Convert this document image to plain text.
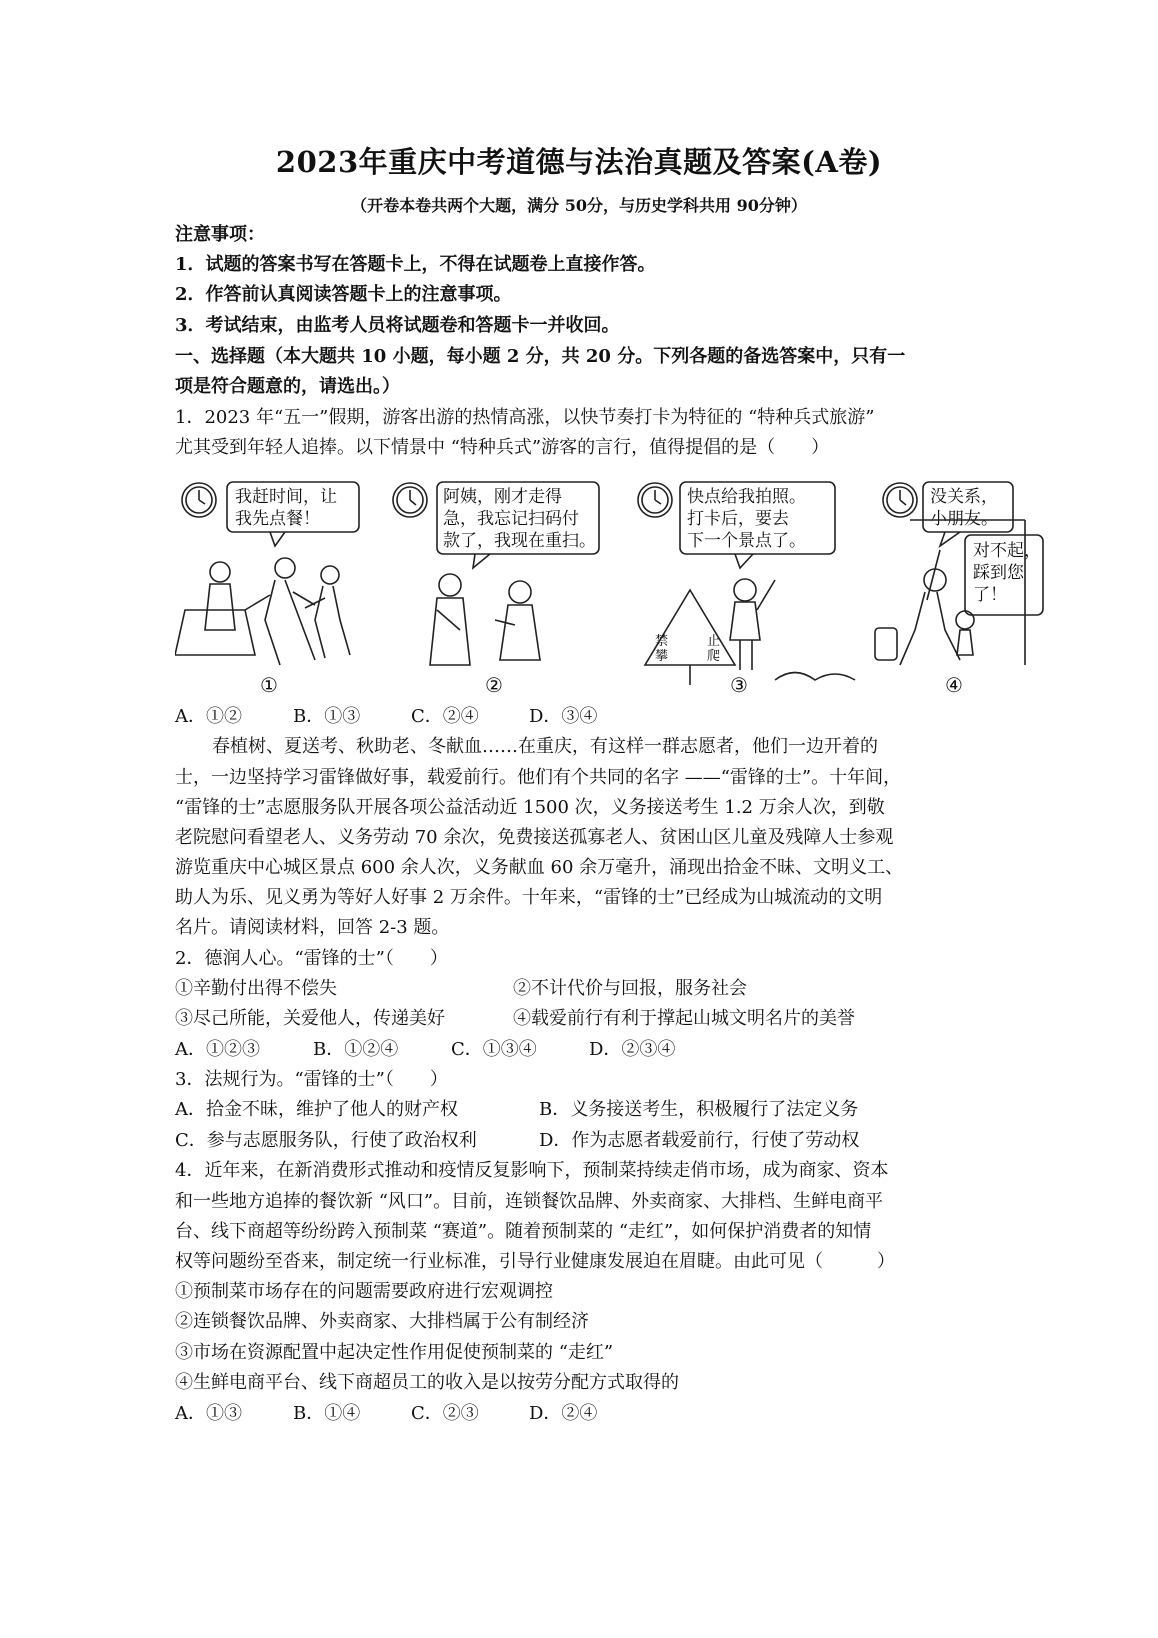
2023年重庆中考道德与法治真题及答案(A卷)
（开卷本卷共两个大题，满分 50分，与历史学科共用 90分钟）
注意事项：
1．试题的答案书写在答题卡上，不得在试题卷上直接作答。
2．作答前认真阅读答题卡上的注意事项。
3．考试结束，由监考人员将试题卷和答题卡一并收回。
一、选择题（本大题共 10 小题，每小题 2 分，共 20 分。下列各题的备选答案中，只有一
项是符合题意的，请选出。）
1．2023 年“五一”假期，游客出游的热情高涨，以快节奏打卡为特征的 “特种兵式旅游”
尤其受到年轻人追捧。以下情景中 “特种兵式”游客的言行，值得提倡的是（　　）
我赶时间，让
我先点餐！
①
阿姨，刚才走得
急，我忘记扫码付
款了，我现在重扫。
②
快点给我拍照。
打卡后，要去
下一个景点了。
禁	止
攀	爬
③
没关系，
小朋友。
对不起，
踩到您
了！
④
A．①②	B．①③	C．②④	D．③④
春植树、夏送考、秋助老、冬献血……在重庆，有这样一群志愿者，他们一边开着的
士，一边坚持学习雷锋做好事，载爱前行。他们有个共同的名字 ——“雷锋的士”。十年间，
“雷锋的士”志愿服务队开展各项公益活动近 1500 次，义务接送考生 1.2 万余人次，到敬
老院慰问看望老人、义务劳动 70 余次，免费接送孤寡老人、贫困山区儿童及残障人士参观
游览重庆中心城区景点 600 余人次，义务献血 60 余万毫升，涌现出拾金不昧、文明义工、
助人为乐、见义勇为等好人好事 2 万余件。十年来，“雷锋的士”已经成为山城流动的文明
名片。请阅读材料，回答 2-3 题。
2．德润人心。“雷锋的士”（　　）
①辛勤付出得不偿失	②不计代价与回报，服务社会
③尽己所能，关爱他人，传递美好	④载爱前行有利于撑起山城文明名片的美誉
A．①②③	B．①②④	C．①③④	D．②③④
3．法规行为。“雷锋的士”（　　）
A．拾金不昧，维护了他人的财产权	B．义务接送考生，积极履行了法定义务
C．参与志愿服务队，行使了政治权利	D．作为志愿者载爱前行，行使了劳动权
4．近年来，在新消费形式推动和疫情反复影响下，预制菜持续走俏市场，成为商家、资本
和一些地方追捧的餐饮新 “风口”。目前，连锁餐饮品牌、外卖商家、大排档、生鲜电商平
台、线下商超等纷纷跨入预制菜 “赛道”。随着预制菜的 “走红”，如何保护消费者的知情
权等问题纷至沓来，制定统一行业标准，引导行业健康发展迫在眉睫。由此可见（　　　）
①预制菜市场存在的问题需要政府进行宏观调控
②连锁餐饮品牌、外卖商家、大排档属于公有制经济
③市场在资源配置中起决定性作用促使预制菜的 “走红”
④生鲜电商平台、线下商超员工的收入是以按劳分配方式取得的
A．①③	B．①④	C．②③	D．②④
